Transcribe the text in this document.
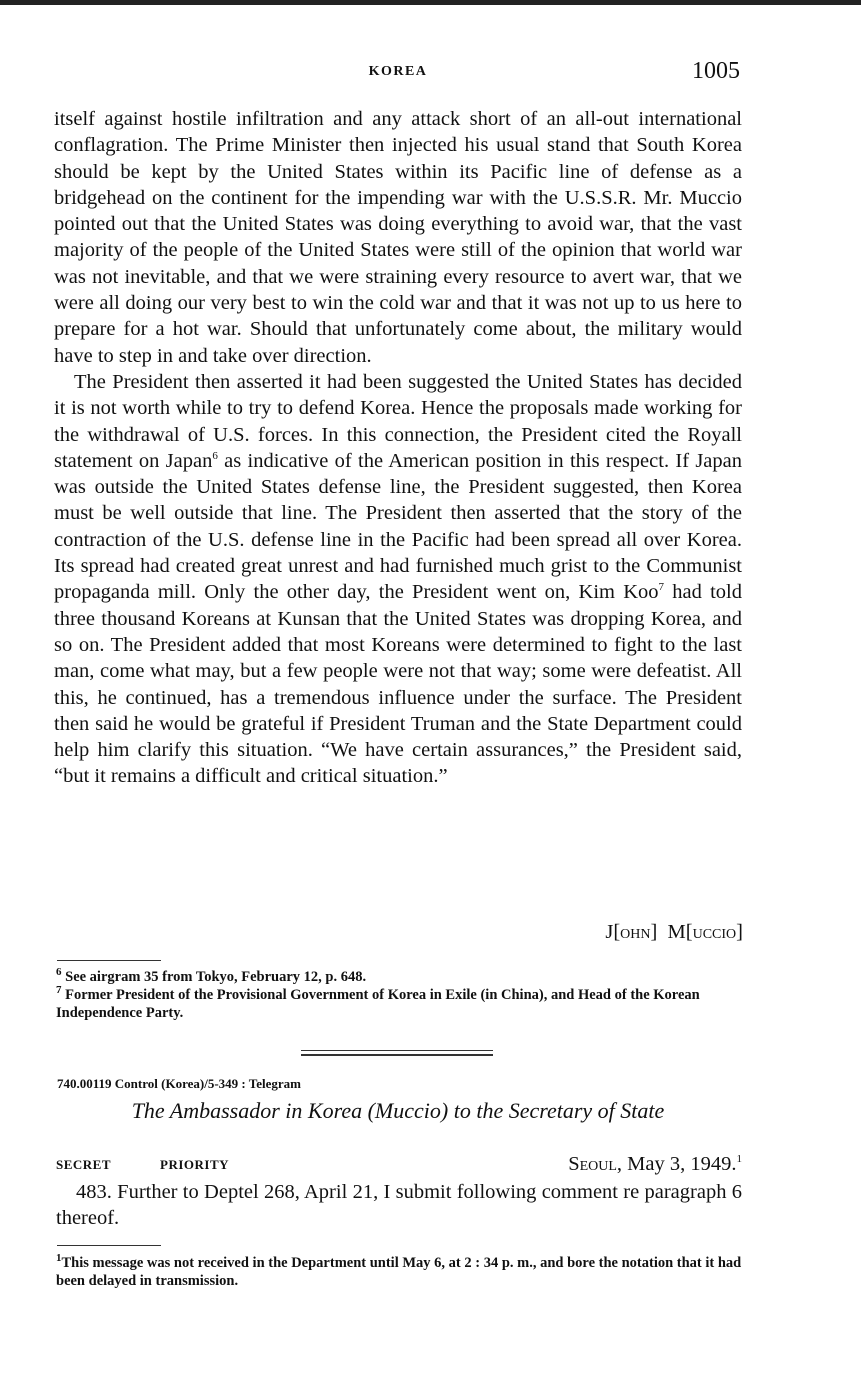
KOREA	1005

itself against hostile infiltration and any attack short of an all-out international conflagration. The Prime Minister then injected his usual stand that South Korea should be kept by the United States within its Pacific line of defense as a bridgehead on the continent for the impending war with the U.S.S.R. Mr. Muccio pointed out that the United States was doing everything to avoid war, that the vast majority of the people of the United States were still of the opinion that world war was not inevitable, and that we were straining every resource to avert war, that we were all doing our very best to win the cold war and that it was not up to us here to prepare for a hot war. Should that unfortunately come about, the military would have to step in and take over direction.

The President then asserted it had been suggested the United States has decided it is not worth while to try to defend Korea. Hence the proposals made working for the withdrawal of U.S. forces. In this connection, the President cited the Royall statement on Japan$^6$ as indicative of the American position in this respect. If Japan was outside the United States defense line, the President suggested, then Korea must be well outside that line. The President then asserted that the story of the contraction of the U.S. defense line in the Pacific had been spread all over Korea. Its spread had created great unrest and had furnished much grist to the Communist propaganda mill. Only the other day, the President went on, Kim Koo$^7$ had told three thousand Koreans at Kunsan that the United States was dropping Korea, and so on. The President added that most Koreans were determined to fight to the last man, come what may, but a few people were not that way; some were defeatist. All this, he continued, has a tremendous influence under the surface. The President then said he would be grateful if President Truman and the State Department could help him clarify this situation. “We have certain assurances,” the President said, “but it remains a difficult and critical situation.”

J[ohn] M[uccio]

$^6$ See airgram 35 from Tokyo, February 12, p. 648.

$^7$ Former President of the Provisional Government of Korea in Exile (in China), and Head of the Korean Independence Party.

740.00119 Control (Korea)/5-349 : Telegram
The Ambassador in Korea (Muccio) to the Secretary of State
SECRET	PRIORITY	Seoul, May 3, 1949.$^1$

483. Further to Deptel 268, April 21, I submit following comment re paragraph 6 thereof.

$^1$This message was not received in the Department until May 6, at 2 : 34 p. m., and bore the notation that it had been delayed in transmission.
